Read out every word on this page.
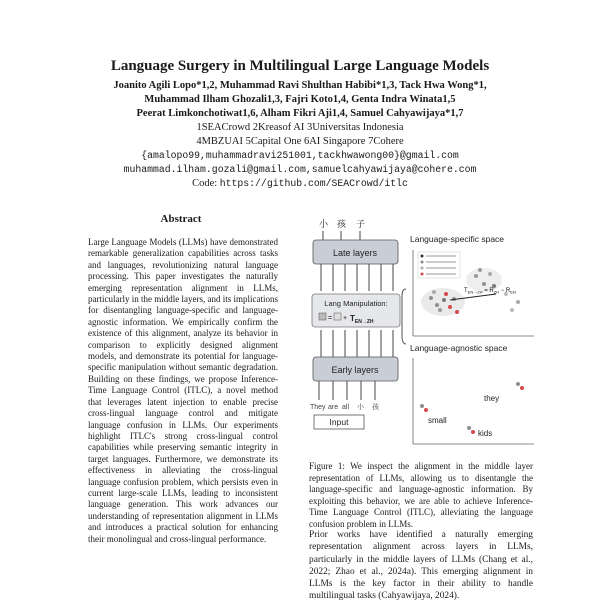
Language Surgery in Multilingual Large Language Models
Joanito Agili Lopo*1,2, Muhammad Ravi Shulthan Habibi*1,3, Tack Hwa Wong*1,
Muhammad Ilham Ghozali1,3, Fajri Koto1,4, Genta Indra Winata1,5
Peerat Limkonchotiwat1,6, Alham Fikri Aji1,4, Samuel Cahyawijaya*1,7
1SEACrowd 2Kreasof AI 3Universitas Indonesia
4MBZUAI 5Capital One 6AI Singapore 7Cohere
{amalopo99,muhammadravi251001,tackhwawong00}@gmail.com
muhammad.ilham.gozali@gmail.com,samuelcahyawijaya@cohere.com
Code: https://github.com/SEACrowd/itlc
Abstract
Large Language Models (LLMs) have demonstrated remarkable generalization capabilities across tasks and languages, revolutionizing natural language processing. This paper investigates the naturally emerging representation alignment in LLMs, particularly in the middle layers, and its implications for disentangling language-specific and language-agnostic information. We empirically confirm the existence of this alignment, analyze its behavior in comparison to explicitly designed alignment models, and demonstrate its potential for language-specific manipulation without semantic degradation. Building on these findings, we propose Inference-Time Language Control (ITLC), a novel method that leverages latent injection to enable precise cross-lingual language control and mitigate language confusion in LLMs. Our experiments highlight ITLC's strong cross-lingual control capabilities while preserving semantic integrity in target languages. Furthermore, we demonstrate its effectiveness in alleviating the cross-lingual language confusion problem, which persists even in current large-scale LLMs, leading to inconsistent language generation. This work advances our understanding of representation alignment in LLMs and introduces a practical solution for enhancing their monolingual and cross-lingual performance.
小 孩 子
Late layers
Lang Manipulation:
= + $T_{EN\to ZH}$
Early layers
They are all 小 孩
Input
Language-specific space
$T_{EN\to ZH} = R_{ZH} - R_{EN}$
Language-agnostic space
they
small
kids
Figure 1: We inspect the alignment in the middle layer representation of LLMs, allowing us to disentangle the language-specific and language-agnostic information. By exploiting this behavior, we are able to achieve Inference-Time Language Control (ITLC), alleviating the language confusion problem in LLMs.
Prior works have identified a naturally emerging representation alignment across layers in LLMs, particularly in the middle layers of LLMs (Chang et al., 2022; Zhao et al., 2024a). This emerging alignment in LLMs is the key factor in their ability to handle multilingual tasks (Cahyawijaya, 2024).
